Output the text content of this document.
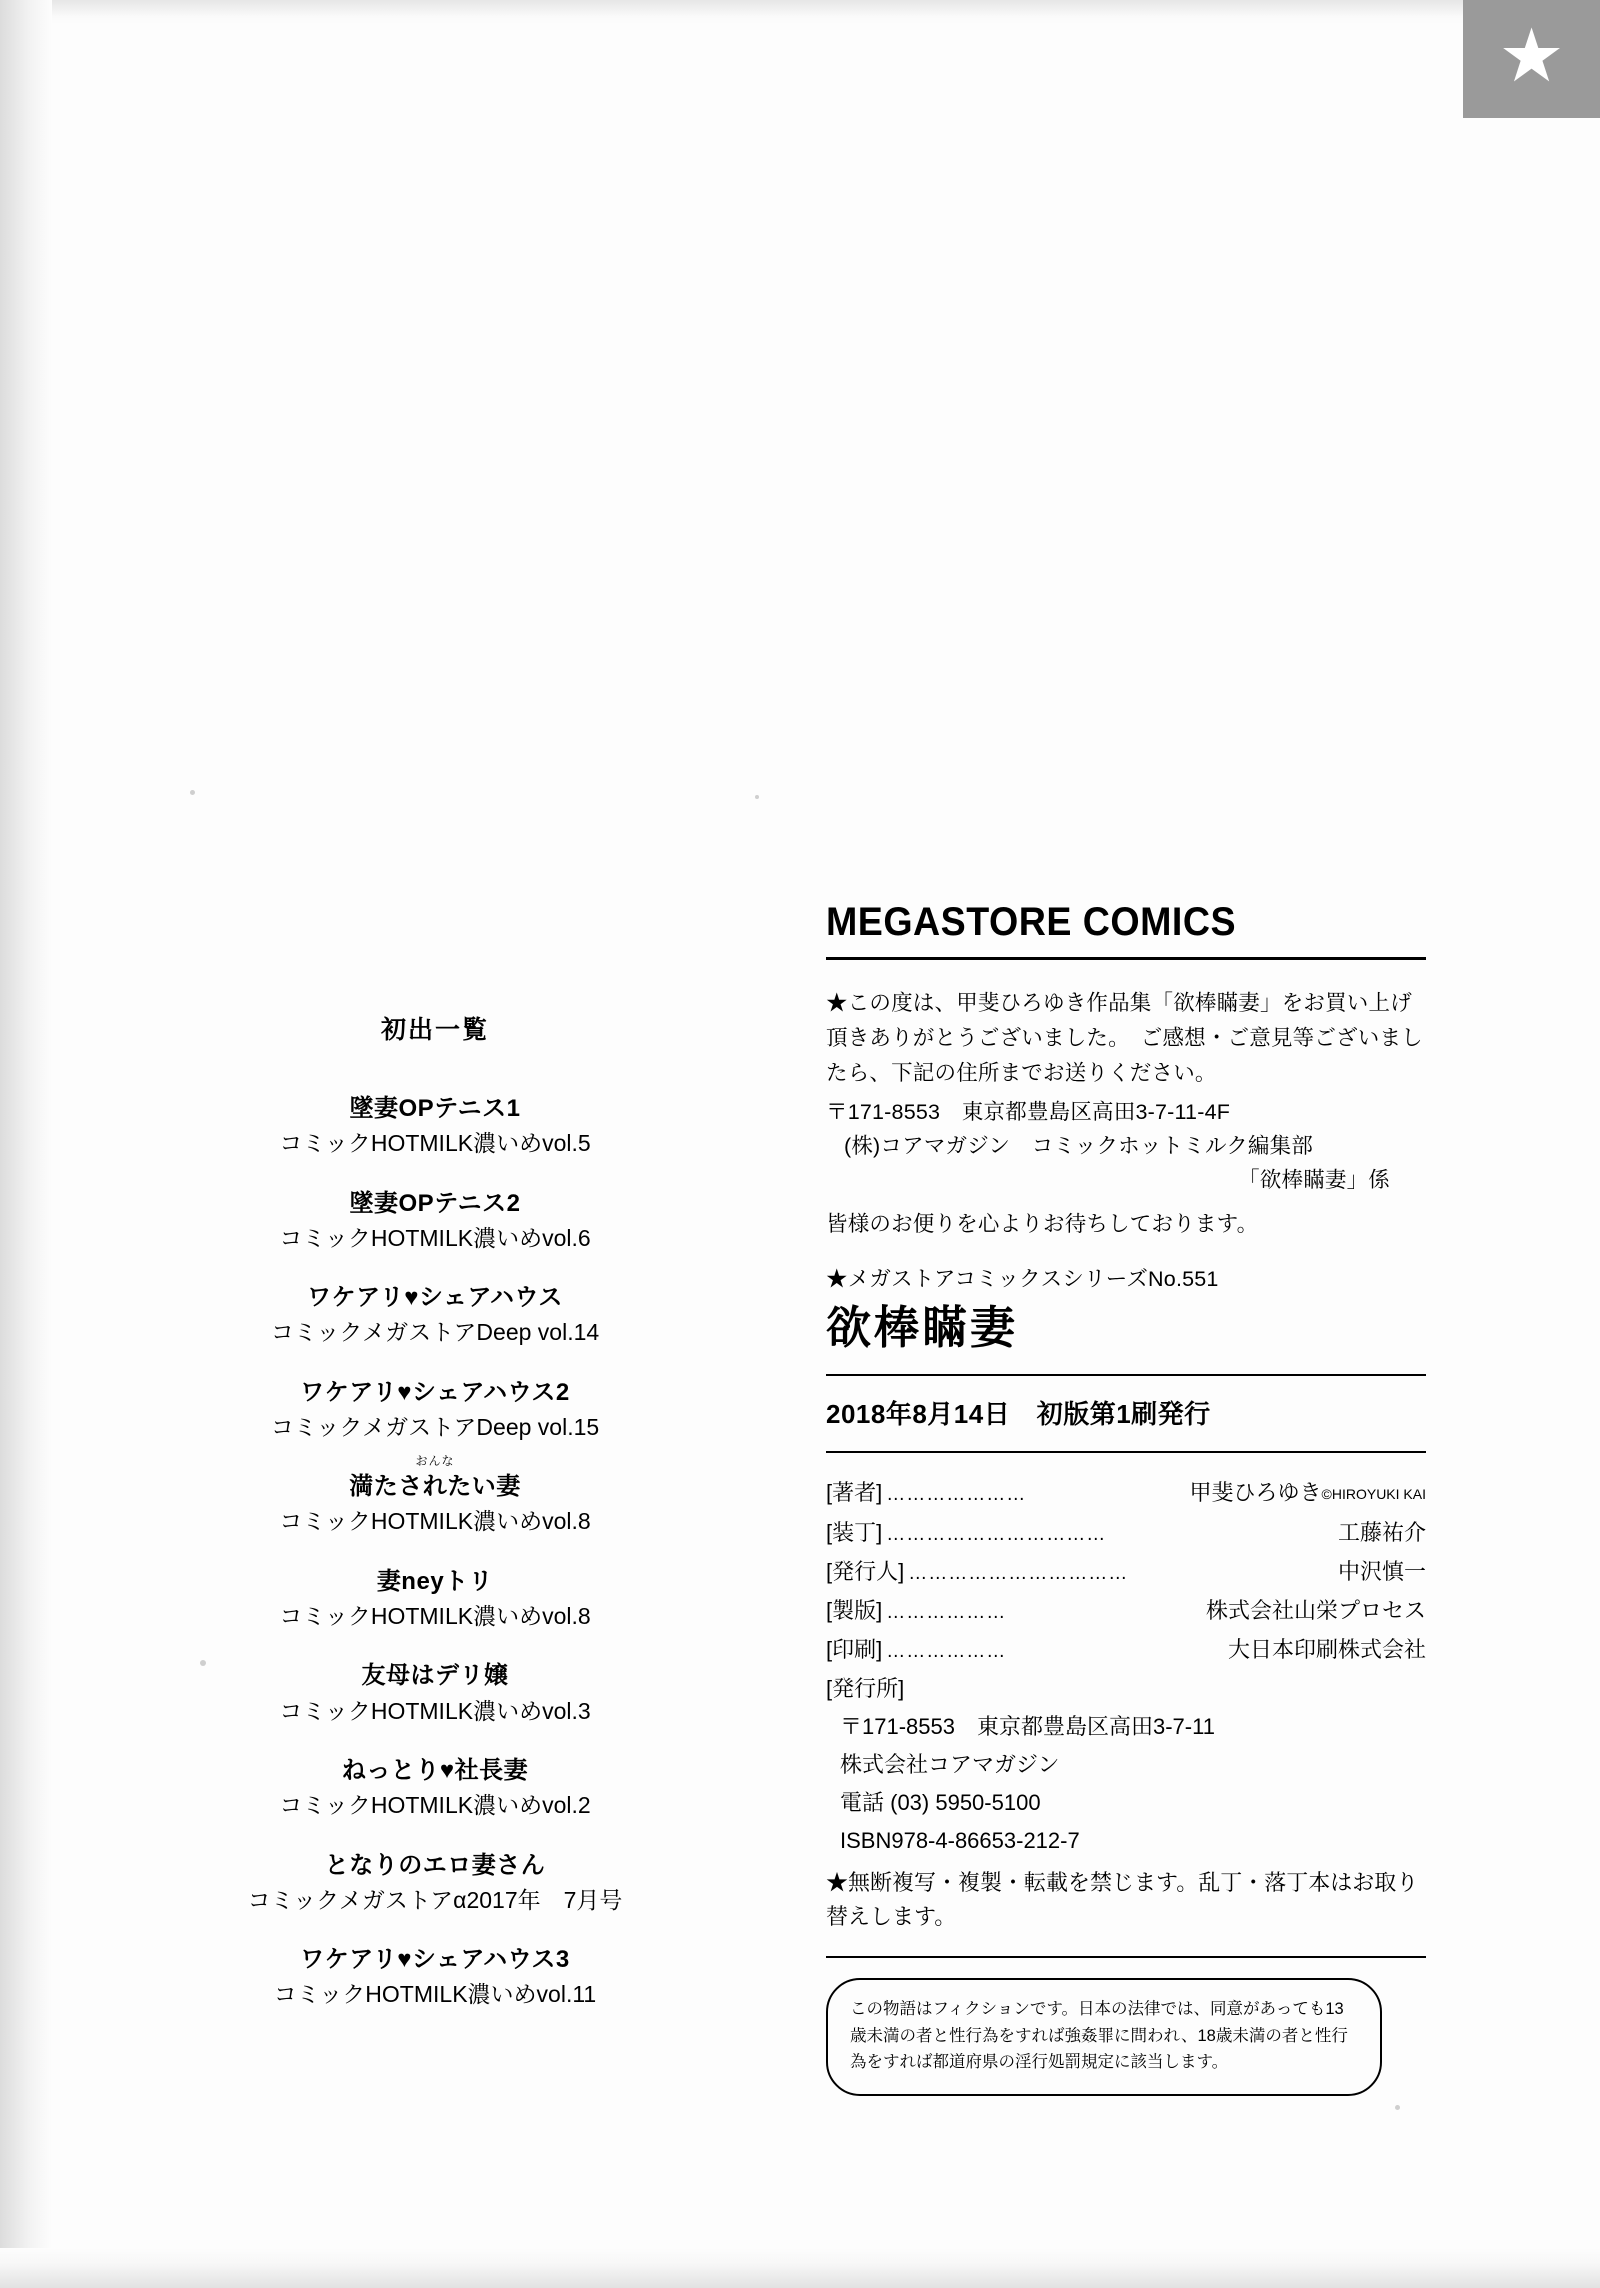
★
初出一覧
墜妻OPテニス1
コミックHOTMILK濃いめvol.5
墜妻OPテニス2
コミックHOTMILK濃いめvol.6
ワケアリ♥シェアハウス
コミックメガストアDeep vol.14
ワケアリ♥シェアハウス2
コミックメガストアDeep vol.15
おんな
満たされたい妻
コミックHOTMILK濃いめvol.8
妻neyトリ
コミックHOTMILK濃いめvol.8
友母はデリ嬢
コミックHOTMILK濃いめvol.3
ねっとり♥社長妻
コミックHOTMILK濃いめvol.2
となりのエロ妻さん
コミックメガストアα2017年　7月号
ワケアリ♥シェアハウス3
コミックHOTMILK濃いめvol.11
MEGASTORE COMICS

★この度は、甲斐ひろゆき作品集「欲棒瞞妻」をお買い上げ頂きありがとうございました。　ご感想・ご意見等ございましたら、下記の住所までお送りください。

〒171-8553　東京都豊島区高田3-7-11-4F

(株)コアマガジン　コミックホットミルク編集部

「欲棒瞞妻」係

皆様のお便りを心よりお待ちしております。

★メガストアコミックスシリーズNo.551

欲棒瞞妻
2018年8月14日　初版第1刷発行
[著者] …………………	甲斐ひろゆき©HIROYUKI KAI
[装丁] ……………………………	工藤祐介
[発行人] ……………………………	中沢慎一
[製版] ………………	株式会社山栄プロセス
[印刷] ………………	大日本印刷株式会社
[発行所]
〒171-8553　東京都豊島区高田3-7-11
株式会社コアマガジン
電話 (03) 5950-5100
ISBN978-4-86653-212-7

★無断複写・複製・転載を禁じます。乱丁・落丁本はお取り替えします。

この物語はフィクションです。日本の法律では、同意があっても13歳未満の者と性行為をすれば強姦罪に問われ、18歳未満の者と性行為をすれば都道府県の淫行処罰規定に該当します。
